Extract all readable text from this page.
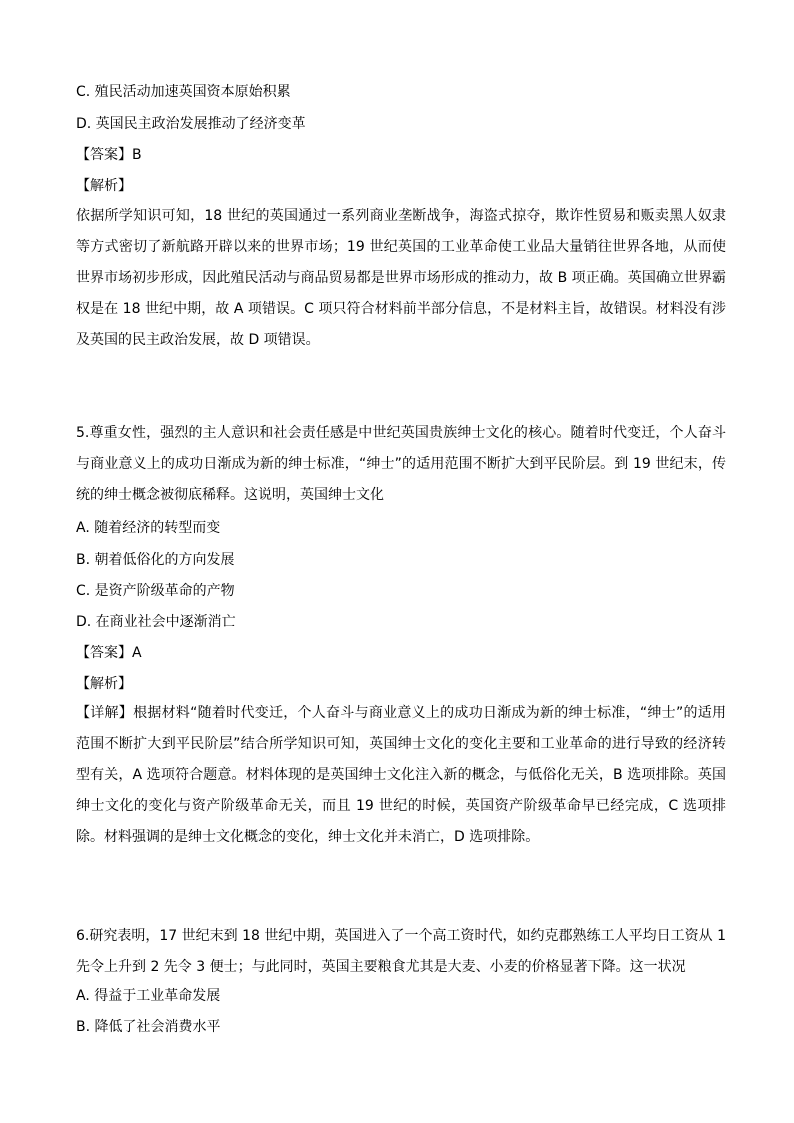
C. 殖民活动加速英国资本原始积累
D. 英国民主政治发展推动了经济变革
【答案】B
【解析】
依据所学知识可知，18 世纪的英国通过一系列商业垄断战争，海盗式掠夺，欺诈性贸易和贩卖黑人奴隶等方式密切了新航路开辟以来的世界市场；19 世纪英国的工业革命使工业品大量销往世界各地，从而使世界市场初步形成，因此殖民活动与商品贸易都是世界市场形成的推动力，故 B 项正确。英国确立世界霸权是在 18 世纪中期，故 A 项错误。C 项只符合材料前半部分信息，不是材料主旨，故错误。材料没有涉及英国的民主政治发展，故 D 项错误。
5.尊重女性，强烈的主人意识和社会责任感是中世纪英国贵族绅士文化的核心。随着时代变迁，个人奋斗与商业意义上的成功日渐成为新的绅士标准，“绅士”的适用范围不断扩大到平民阶层。到 19 世纪末，传统的绅士概念被彻底稀释。这说明，英国绅士文化
A. 随着经济的转型而变
B. 朝着低俗化的方向发展
C. 是资产阶级革命的产物
D. 在商业社会中逐渐消亡
【答案】A
【解析】
【详解】根据材料“随着时代变迁，个人奋斗与商业意义上的成功日渐成为新的绅士标准，“绅士”的适用范围不断扩大到平民阶层”结合所学知识可知，英国绅士文化的变化主要和工业革命的进行导致的经济转型有关，A 选项符合题意。材料体现的是英国绅士文化注入新的概念，与低俗化无关，B 选项排除。英国绅士文化的变化与资产阶级革命无关，而且 19 世纪的时候，英国资产阶级革命早已经完成，C 选项排除。材料强调的是绅士文化概念的变化，绅士文化并未消亡，D 选项排除。
6.研究表明，17 世纪末到 18 世纪中期，英国进入了一个高工资时代，如约克郡熟练工人平均日工资从 1 先令上升到 2 先令 3 便士；与此同时，英国主要粮食尤其是大麦、小麦的价格显著下降。这一状况
A. 得益于工业革命发展
B. 降低了社会消费水平
